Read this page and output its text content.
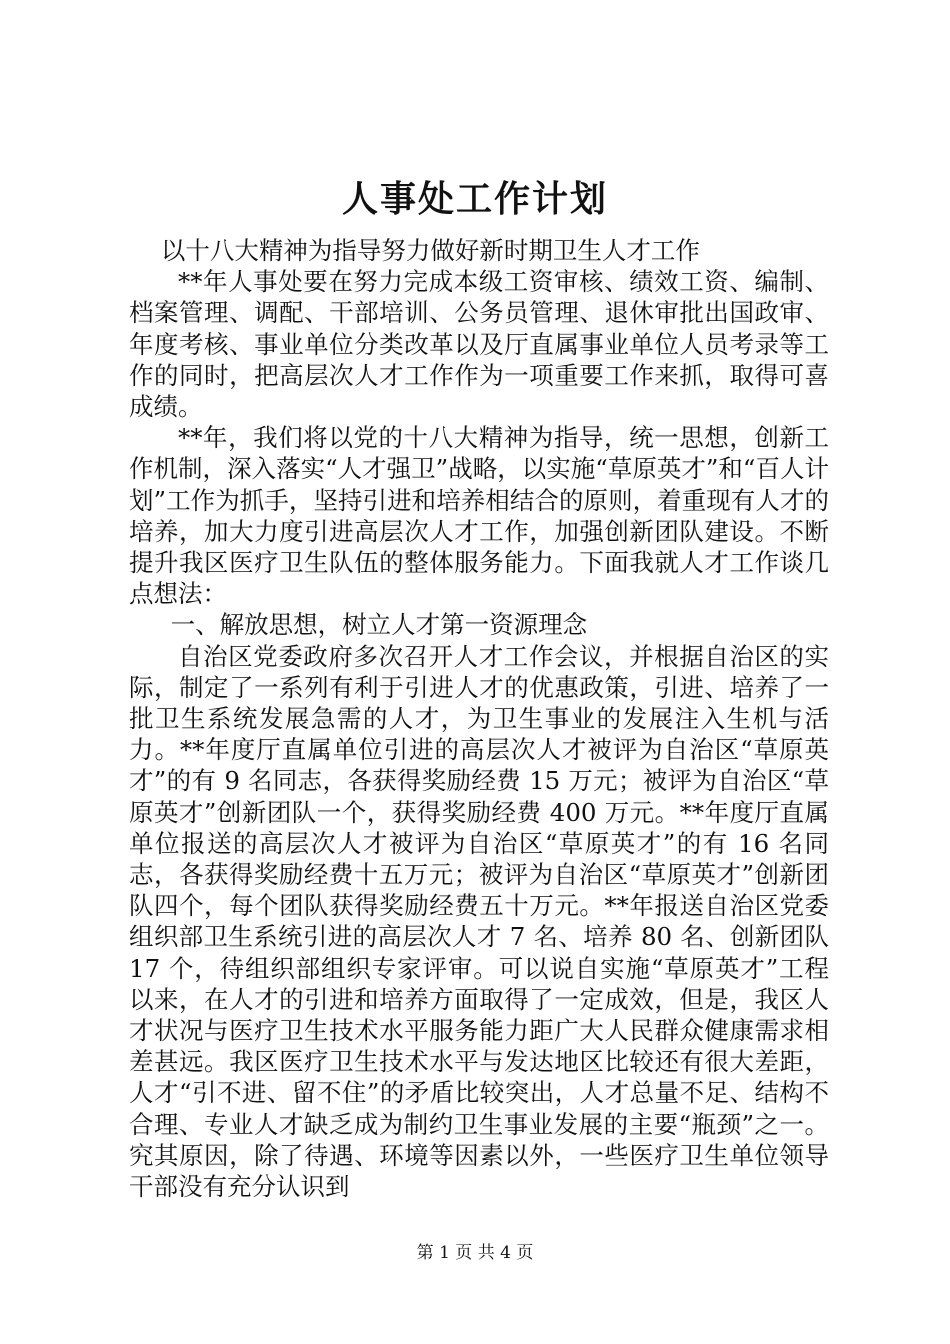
人事处工作计划

以十八大精神为指导努力做好新时期卫生人才工作

**年人事处要在努力完成本级工资审核、绩效工资、编制、档案管理、调配、干部培训、公务员管理、退休审批出国政审、年度考核、事业单位分类改革以及厅直属事业单位人员考录等工作的同时，把高层次人才工作作为一项重要工作来抓，取得可喜成绩。

**年，我们将以党的十八大精神为指导，统一思想，创新工作机制，深入落实“人才强卫”战略，以实施“草原英才”和“百人计划”工作为抓手，坚持引进和培养相结合的原则，着重现有人才的培养，加大力度引进高层次人才工作，加强创新团队建设。不断提升我区医疗卫生队伍的整体服务能力。下面我就人才工作谈几点想法：

一、解放思想，树立人才第一资源理念

自治区党委政府多次召开人才工作会议，并根据自治区的实际，制定了一系列有利于引进人才的优惠政策，引进、培养了一批卫生系统发展急需的人才，为卫生事业的发展注入生机与活力。**年度厅直属单位引进的高层次人才被评为自治区“草原英才”的有 9 名同志，各获得奖励经费 15 万元；被评为自治区“草原英才”创新团队一个，获得奖励经费 400 万元。**年度厅直属单位报送的高层次人才被评为自治区“草原英才”的有 16 名同志，各获得奖励经费十五万元；被评为自治区“草原英才”创新团队四个，每个团队获得奖励经费五十万元。**年报送自治区党委组织部卫生系统引进的高层次人才 7 名、培养 80 名、创新团队 17 个，待组织部组织专家评审。可以说自实施“草原英才”工程以来，在人才的引进和培养方面取得了一定成效，但是，我区人才状况与医疗卫生技术水平服务能力距广大人民群众健康需求相差甚远。我区医疗卫生技术水平与发达地区比较还有很大差距，人才“引不进、留不住”的矛盾比较突出，人才总量不足、结构不合理、专业人才缺乏成为制约卫生事业发展的主要“瓶颈”之一。究其原因，除了待遇、环境等因素以外，一些医疗卫生单位领导干部没有充分认识到

第 1 页 共 4 页
